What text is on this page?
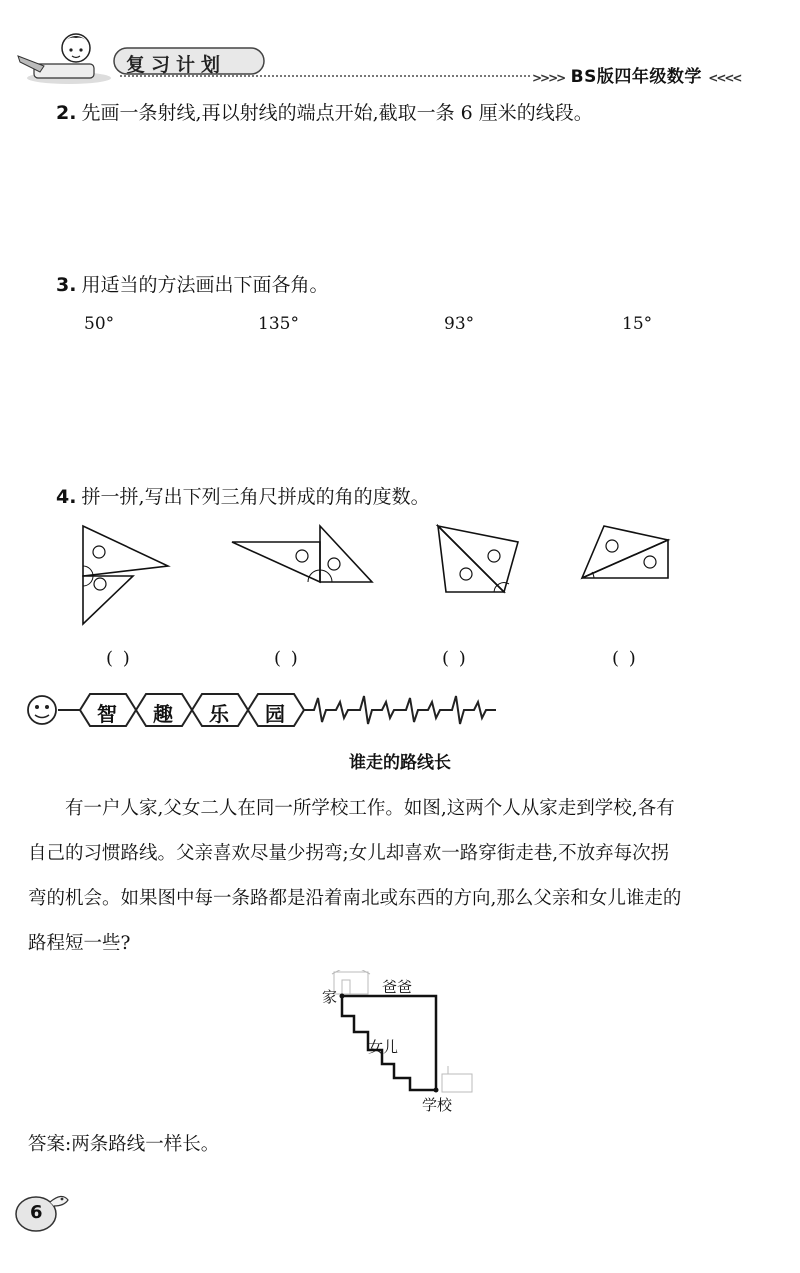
复习计划
>>>> BS版四年级数学 <<<<
2. 先画一条射线,再以射线的端点开始,截取一条 6 厘米的线段。
3. 用适当的方法画出下面各角。
50°	135°	93°	15°
4. 拼一拼,写出下列三角尺拼成的角的度数。
( )	( )	( )	( )
智 趣 乐 园
谁走的路线长

有一户人家,父女二人在同一所学校工作。如图,这两个人从家走到学校,各有

自己的习惯路线。父亲喜欢尽量少拐弯;女儿却喜欢一路穿街走巷,不放弃每次拐

弯的机会。如果图中每一条路都是沿着南北或东西的方向,那么父亲和女儿谁走的

路程短一些?

家
爸爸
女儿
学校
答案:两条路线一样长。
6
